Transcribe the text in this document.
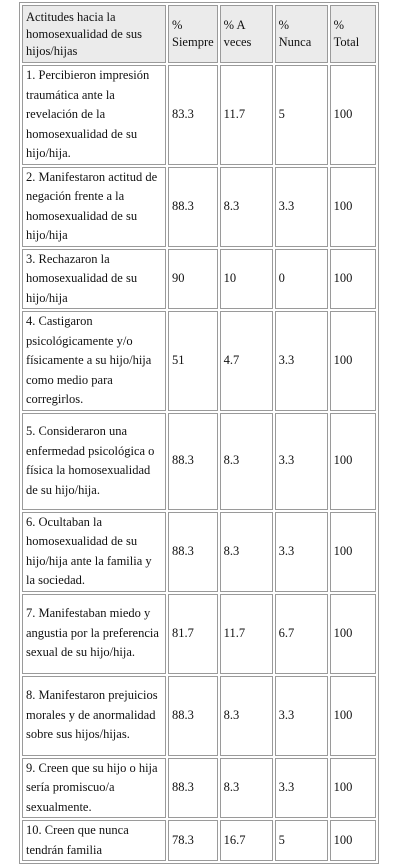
Actitudes hacia la homosexualidad de sus hijos/hijas	% Siempre	% A veces	% Nunca	% Total
1. Percibieron impresión traumática ante la revelación de la homosexualidad de su hijo/hija.	83.3	11.7	5	100
2. Manifestaron actitud de negación frente a la homosexualidad de su hijo/hija	88.3	8.3	3.3	100
3. Rechazaron la homosexualidad de su hijo/hija	90	10	0	100
4. Castigaron psicológicamente y/o físicamente a su hijo/hija como medio para corregirlos.	51	4.7	3.3	100
5. Consideraron una enfermedad psicológica o física la homosexualidad de su hijo/hija.	88.3	8.3	3.3	100
6. Ocultaban la homosexualidad de su hijo/hija ante la familia y la sociedad.	88.3	8.3	3.3	100
7. Manifestaban miedo y angustia por la preferencia sexual de su hijo/hija.	81.7	11.7	6.7	100
8. Manifestaron prejuicios morales y de anormalidad sobre sus hijos/hijas.	88.3	8.3	3.3	100
9. Creen que su hijo o hija sería promiscuo/a sexualmente.	88.3	8.3	3.3	100
10. Creen que nunca tendrán familia	78.3	16.7	5	100
